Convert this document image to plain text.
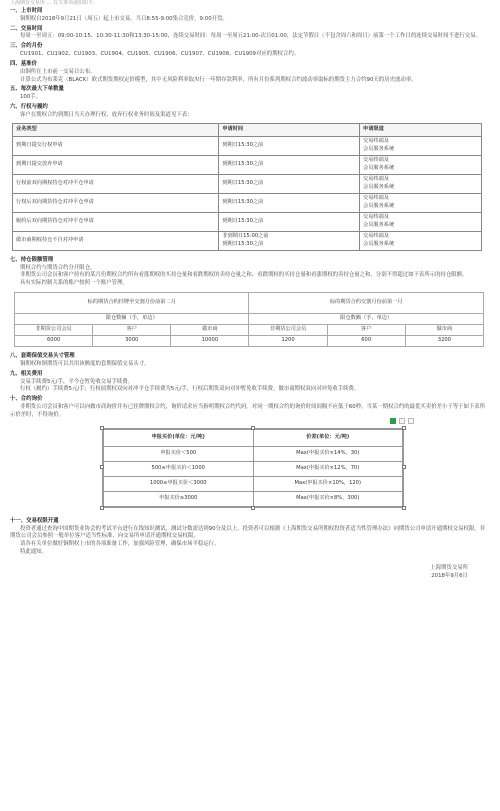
上海期货交易所 ... 有关事项通知如下：
一、上市时间
铜期权自2018年9月21日（周五）起上市交易，当日8:55-9:00集合竞价，9:00开盘。
二、交易时间
每周一至周五：09:00-10:15、10:30-11:30和13:30-15:00，连续交易时间：每周一至周五21:00-次日01:00，法定节假日（不包含周六和周日）前第一个工作日的连续交易时间不进行交易。
三、合约月份
CU1901、CU1902、CU1903、CU1904、CU1905、CU1906、CU1907、CU1908、CU1909对应的期权合约。
四、基准价
由铜所在上市前一交易日公布。
计算公式为布莱克（BLACK）欧式期货期权定价模型，其中无风险利率取央行一年期存款利率，所有月份系列期权合约波动率取标的期货主力合约90天的历史波动率。
五、每次最大下单数量
100手。
六、行权与履约
客户在期权合约到期日当天办理行权、放弃行权业务时间及渠道见下表：
业务类型	申请时间	申请渠道
到期日提交行权申请	到期日15:30之前	交易终端及
会员服务系统

到期日提交放弃申请	到期日15:30之前	交易终端及
会员服务系统

行权前双向期权持仓对冲平仓申请	到期日15:30之前	交易终端及
会员服务系统

行权后双向期货持仓对冲平仓申请	到期日15:30之前	交易终端及
会员服务系统

履约后双向期货持仓对冲平仓申请	到期日15:30之前	交易终端及
会员服务系统

做市商期权持仓不自对冲申请	非到期日15:00之前
到期日15:30之前	交易终端及
会员服务系统
七、持仓限额管理
期权合约与期货合约分开限仓。
非期货公司会员和客户持有的某月份期权合约所有看涨期权的买持仓量和看跌期权的卖持仓量之和、看跌期权的买持仓量和看涨期权的卖持仓量之和，分别不得超过如下表所示的持仓限额。
具有实际控制关系的账户按照一个账户管理。
标的期货合约挂牌至交割月份前第二月			标的期货合约交割月份前第一月		
限仓数额（手，单边）			限仓数额（手，单边）		
非期货公司会员	客户	做市商	非期货公司会员	客户	做市商
6000	3000	10000	1200	600	3200
八、套期保值交易头寸管理
铜期权和铜期货可以共用该额度的套期保值交易头寸。
九、相关费用
交易手续费5元/手，平今仓暂免收交易手续费。
行权（履约）手续费5元/手；行权前期权双向对冲平仓手续费为5元/手，行权后期货双向对冲暂免收手续费，做市商期权双向对冲免收手续费。
十、合约询价
非期货公司会员和客户可以向做市商询价并有已挂牌期权合约，询价请求应当指明期权合约代码。对同一期权合约的询价时间间隔不应低于60秒，当某一期权合约的最优买卖价差小于等于如下表所示价差时，不得询价。
申报买价(单位：元/吨)	价差(单位：元/吨)
申报买价＜500	Max(申报买价×14%，30)
500≤申报买价＜1000	Max(申报买价×12%，70)
1000≤申报买价＜3000	Max(申报买价×10%，120)
申报买价≥3000	Max(申报买价×8%，300)
十一、交易权限开通
投资者通过查询中国期货业协会的考试平台进行在线知识测试，测试分数需达到90分及以上。投资者可以根据《上海期货交易所期权投资者适当性管理办法》向期货公司申请开通期权交易权限。非期货公司会员参照一般单位客户适当性标准，向交易所申请开通期权交易权限。
请各有关单位做好铜期权上市的各项准备工作，加强风险管理，确保市场平稳运行。
特此通知。
上海期货交易所
2018年9月6日
